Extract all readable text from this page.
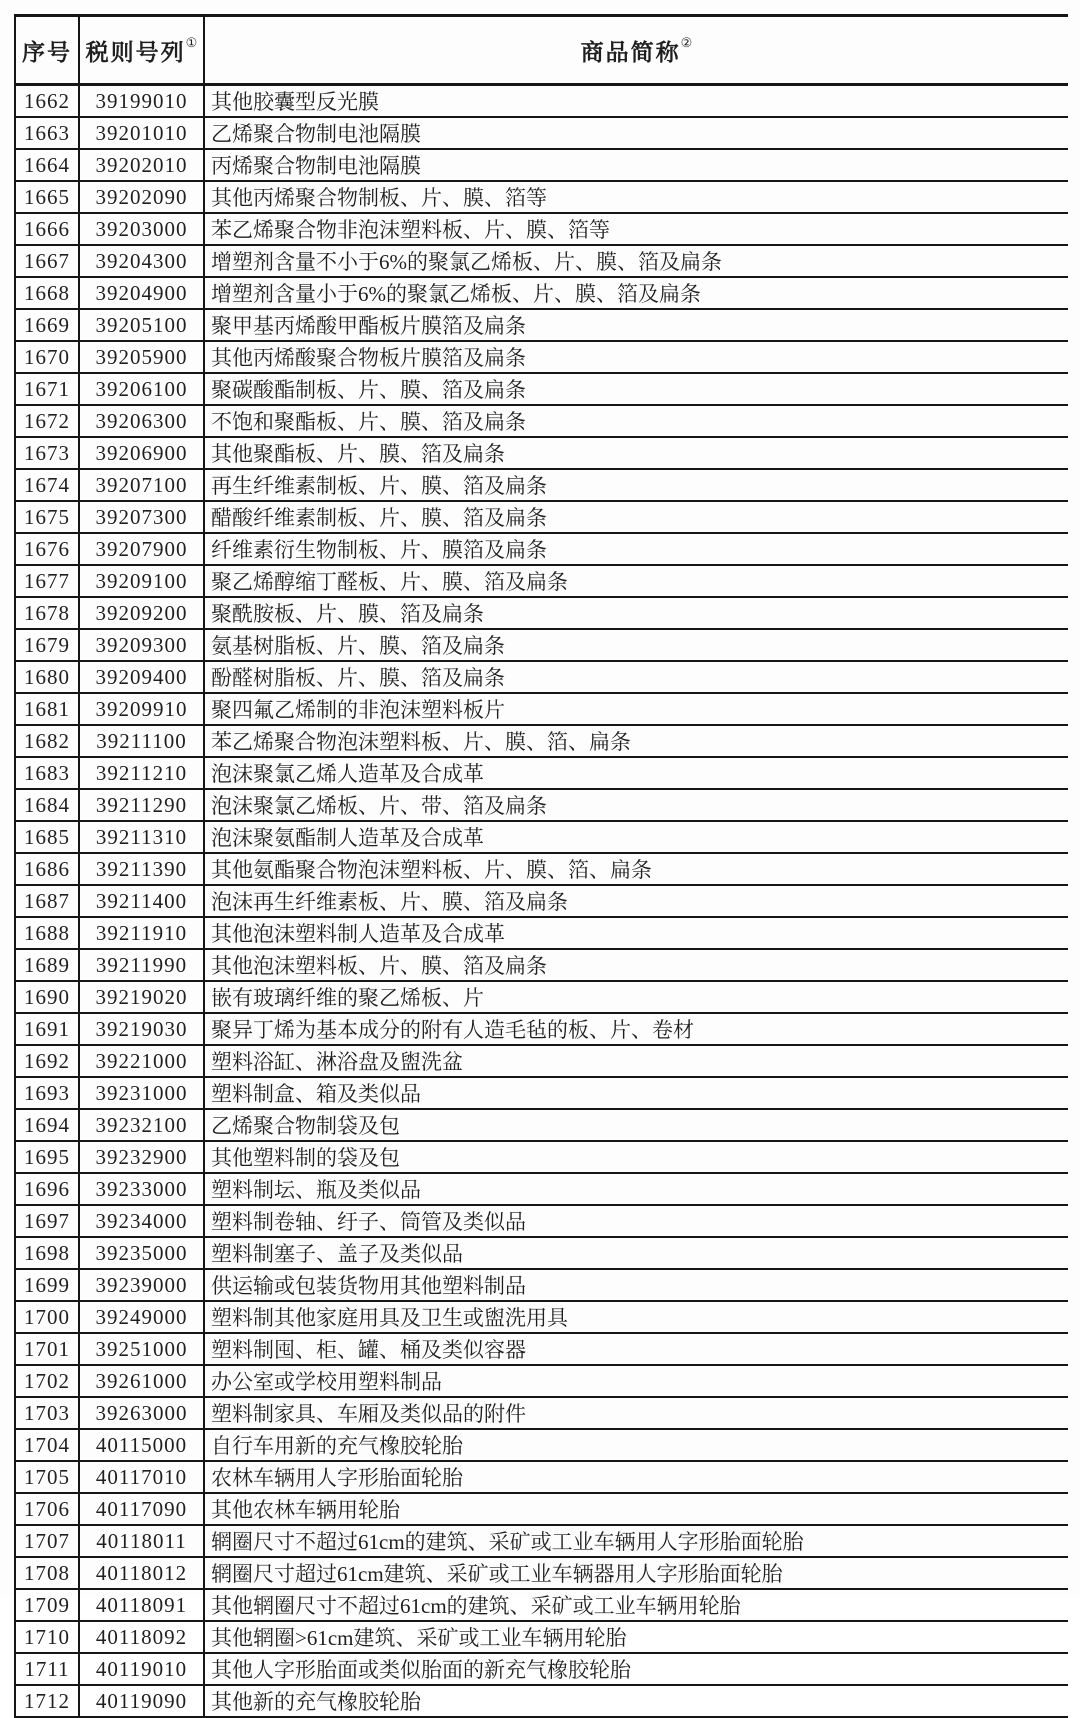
序号	税则号列①	商品简称②
1662	39199010	其他胶囊型反光膜
1663	39201010	乙烯聚合物制电池隔膜
1664	39202010	丙烯聚合物制电池隔膜
1665	39202090	其他丙烯聚合物制板、片、膜、箔等
1666	39203000	苯乙烯聚合物非泡沫塑料板、片、膜、箔等
1667	39204300	增塑剂含量不小于6%的聚氯乙烯板、片、膜、箔及扁条
1668	39204900	增塑剂含量小于6%的聚氯乙烯板、片、膜、箔及扁条
1669	39205100	聚甲基丙烯酸甲酯板片膜箔及扁条
1670	39205900	其他丙烯酸聚合物板片膜箔及扁条
1671	39206100	聚碳酸酯制板、片、膜、箔及扁条
1672	39206300	不饱和聚酯板、片、膜、箔及扁条
1673	39206900	其他聚酯板、片、膜、箔及扁条
1674	39207100	再生纤维素制板、片、膜、箔及扁条
1675	39207300	醋酸纤维素制板、片、膜、箔及扁条
1676	39207900	纤维素衍生物制板、片、膜箔及扁条
1677	39209100	聚乙烯醇缩丁醛板、片、膜、箔及扁条
1678	39209200	聚酰胺板、片、膜、箔及扁条
1679	39209300	氨基树脂板、片、膜、箔及扁条
1680	39209400	酚醛树脂板、片、膜、箔及扁条
1681	39209910	聚四氟乙烯制的非泡沫塑料板片
1682	39211100	苯乙烯聚合物泡沫塑料板、片、膜、箔、扁条
1683	39211210	泡沫聚氯乙烯人造革及合成革
1684	39211290	泡沫聚氯乙烯板、片、带、箔及扁条
1685	39211310	泡沫聚氨酯制人造革及合成革
1686	39211390	其他氨酯聚合物泡沫塑料板、片、膜、箔、扁条
1687	39211400	泡沫再生纤维素板、片、膜、箔及扁条
1688	39211910	其他泡沫塑料制人造革及合成革
1689	39211990	其他泡沫塑料板、片、膜、箔及扁条
1690	39219020	嵌有玻璃纤维的聚乙烯板、片
1691	39219030	聚异丁烯为基本成分的附有人造毛毡的板、片、卷材
1692	39221000	塑料浴缸、淋浴盘及盥洗盆
1693	39231000	塑料制盒、箱及类似品
1694	39232100	乙烯聚合物制袋及包
1695	39232900	其他塑料制的袋及包
1696	39233000	塑料制坛、瓶及类似品
1697	39234000	塑料制卷轴、纡子、筒管及类似品
1698	39235000	塑料制塞子、盖子及类似品
1699	39239000	供运输或包装货物用其他塑料制品
1700	39249000	塑料制其他家庭用具及卫生或盥洗用具
1701	39251000	塑料制囤、柜、罐、桶及类似容器
1702	39261000	办公室或学校用塑料制品
1703	39263000	塑料制家具、车厢及类似品的附件
1704	40115000	自行车用新的充气橡胶轮胎
1705	40117010	农林车辆用人字形胎面轮胎
1706	40117090	其他农林车辆用轮胎
1707	40118011	辋圈尺寸不超过61cm的建筑、采矿或工业车辆用人字形胎面轮胎
1708	40118012	辋圈尺寸超过61cm建筑、采矿或工业车辆器用人字形胎面轮胎
1709	40118091	其他辋圈尺寸不超过61cm的建筑、采矿或工业车辆用轮胎
1710	40118092	其他辋圈>61cm建筑、采矿或工业车辆用轮胎
1711	40119010	其他人字形胎面或类似胎面的新充气橡胶轮胎
1712	40119090	其他新的充气橡胶轮胎
